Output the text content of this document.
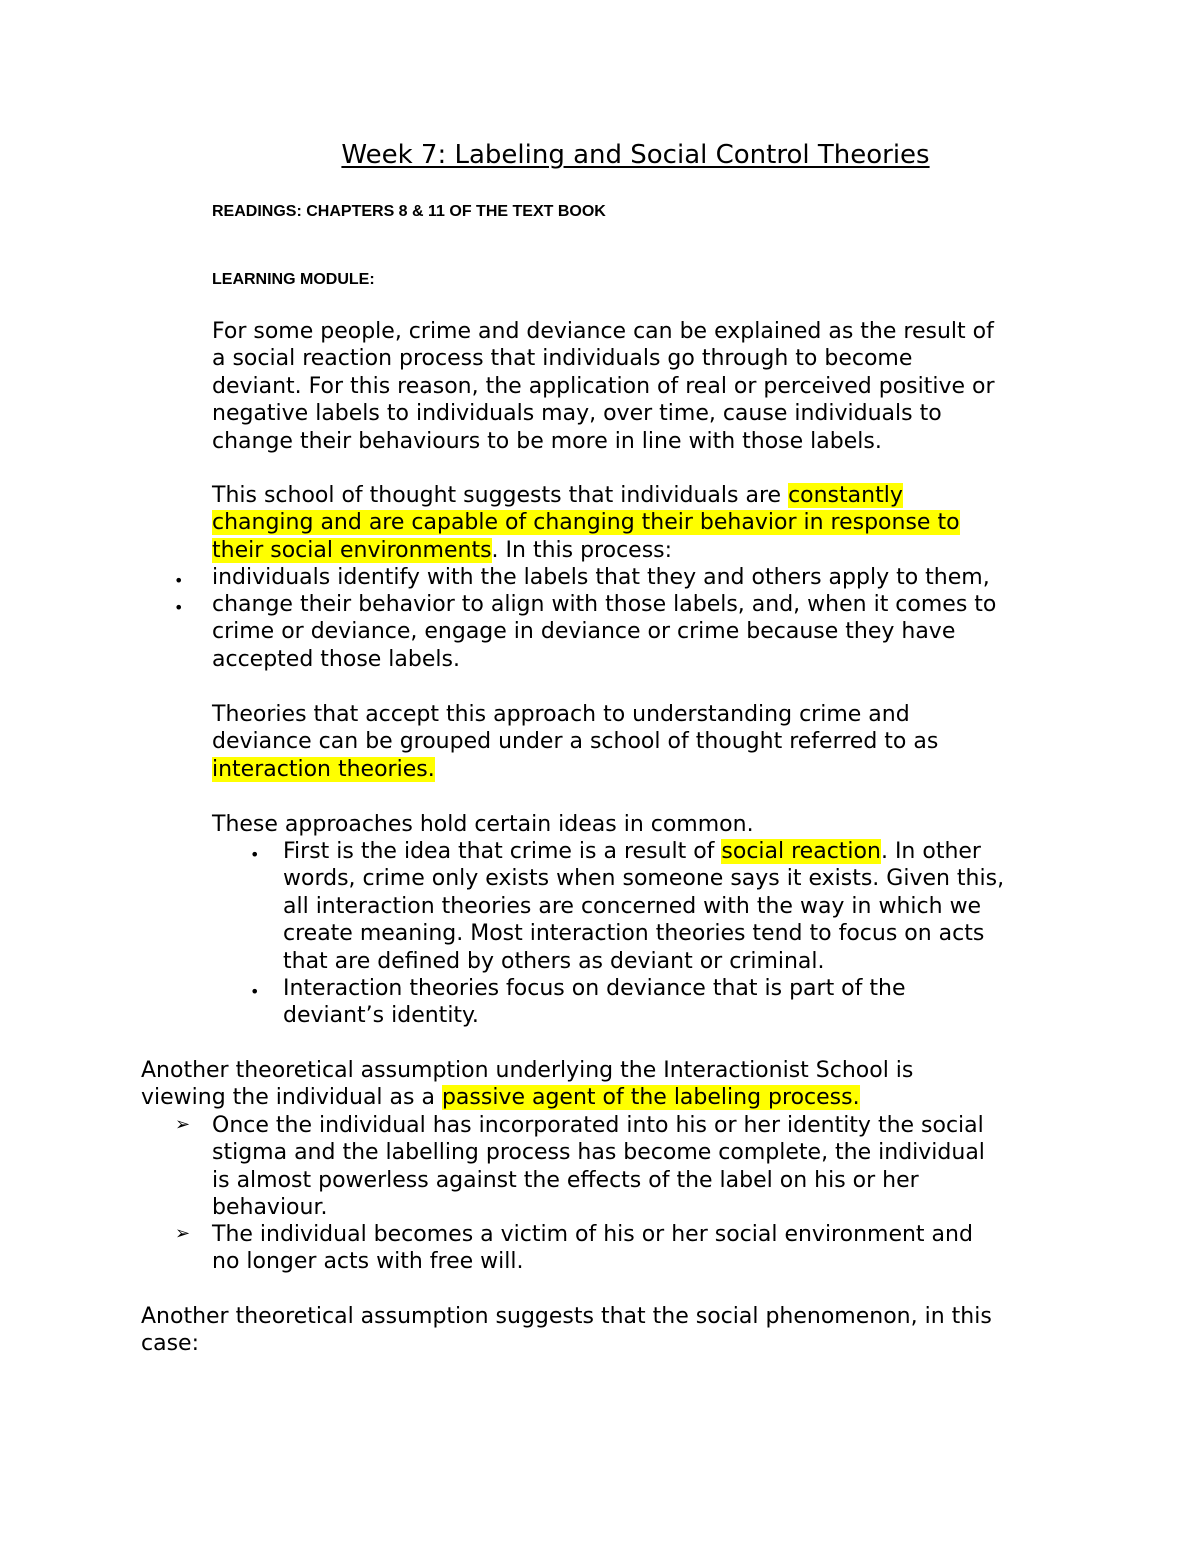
Week 7: Labeling and Social Control Theories
READINGS: CHAPTERS 8 & 11 OF THE TEXT BOOK
LEARNING MODULE:
For some people, crime and deviance can be explained as the result of
a social reaction process that individuals go through to become
deviant. For this reason, the application of real or perceived positive or
negative labels to individuals may, over time, cause individuals to
change their behaviours to be more in line with those labels.
This school of thought suggests that individuals are constantly
changing and are capable of changing their behavior in response to
their social environments. In this process:
• individuals identify with the labels that they and others apply to them,
• change their behavior to align with those labels, and, when it comes to
crime or deviance, engage in deviance or crime because they have
accepted those labels.
Theories that accept this approach to understanding crime and
deviance can be grouped under a school of thought referred to as
interaction theories.
These approaches hold certain ideas in common.
• First is the idea that crime is a result of social reaction. In other
words, crime only exists when someone says it exists. Given this,
all interaction theories are concerned with the way in which we
create meaning. Most interaction theories tend to focus on acts
that are defined by others as deviant or criminal.
• Interaction theories focus on deviance that is part of the
deviant’s identity.
Another theoretical assumption underlying the Interactionist School is
viewing the individual as a passive agent of the labeling process.
➢ Once the individual has incorporated into his or her identity the social
stigma and the labelling process has become complete, the individual
is almost powerless against the effects of the label on his or her
behaviour.
➢ The individual becomes a victim of his or her social environment and
no longer acts with free will.
Another theoretical assumption suggests that the social phenomenon, in this
case:
